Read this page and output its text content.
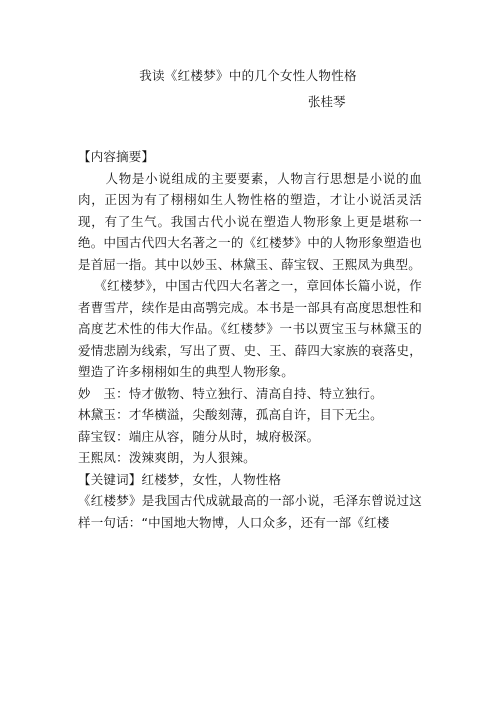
我读《红楼梦》中的几个女性人物性格
张桂琴

【内容摘要】

人物是小说组成的主要要素，人物言行思想是小说的血肉，正因为有了栩栩如生人物性格的塑造，才让小说活灵活现，有了生气。我国古代小说在塑造人物形象上更是堪称一绝。中国古代四大名著之一的《红楼梦》中的人物形象塑造也是首屈一指。其中以妙玉、林黛玉、薛宝钗、王熙凤为典型。

《红楼梦》，中国古代四大名著之一，章回体长篇小说，作者曹雪芹，续作是由高鹗完成。本书是一部具有高度思想性和高度艺术性的伟大作品。《红楼梦》一书以贾宝玉与林黛玉的爱情悲剧为线索，写出了贾、史、王、薛四大家族的衰落史，塑造了许多栩栩如生的典型人物形象。

妙　玉：恃才傲物、特立独行、清高自持、特立独行。

林黛玉：才华横溢，尖酸刻薄，孤高自许，目下无尘。

薛宝钗：端庄从容，随分从时，城府极深。

王熙凤：泼辣爽朗，为人狠辣。

【关键词】红楼梦，女性，人物性格

《红楼梦》是我国古代成就最高的一部小说，毛泽东曾说过这样一句话：“中国地大物博，人口众多，还有一部《红楼
